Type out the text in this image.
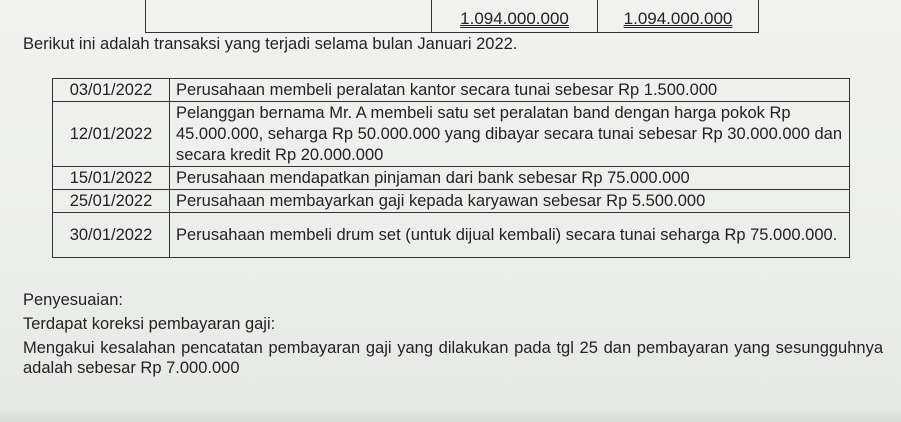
1.094.000.000	1.094.000.000
Berikut ini adalah transaksi yang terjadi selama bulan Januari 2022.
03/01/2022	Perusahaan membeli peralatan kantor secara tunai sebesar Rp 1.500.000
12/01/2022	Pelanggan bernama Mr. A membeli satu set peralatan band dengan harga pokok Rp 45.000.000, seharga Rp 50.000.000 yang dibayar secara tunai sebesar Rp 30.000.000 dan secara kredit Rp 20.000.000
15/01/2022	Perusahaan mendapatkan pinjaman dari bank sebesar Rp 75.000.000
25/01/2022	Perusahaan membayarkan gaji kepada karyawan sebesar Rp 5.500.000
30/01/2022	Perusahaan membeli drum set (untuk dijual kembali) secara tunai seharga Rp 75.000.000.

Penyesuaian:

Terdapat koreksi pembayaran gaji:

Mengakui kesalahan pencatatan pembayaran gaji yang dilakukan pada tgl 25 dan pembayaran yang sesungguhnya adalah sebesar Rp 7.000.000
